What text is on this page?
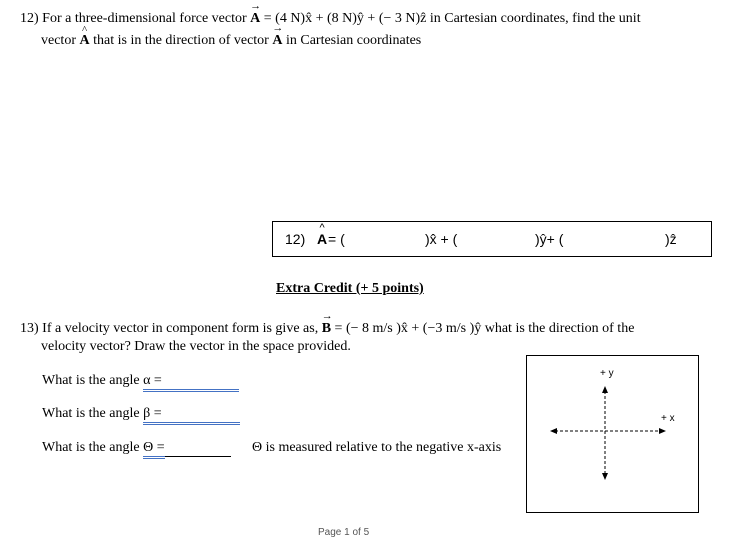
12) For a three-dimensional force vector → A = (4 N)x̂ + (8 N)ŷ + (− 3 N)ẑ in Cartesian coordinates, find the unit
vector ^ A that is in the direction of vector → A in Cartesian coordinates
12)
^ A = (	)x̂ + (	)ŷ+ (	)ẑ
Extra Credit (+ 5 points)
13) If a velocity vector in component form is give as, → B = (− 8 m/s )x̂ + (−3 m/s )ŷ what is the direction of the
velocity vector? Draw the vector in the space provided.
What is the angle α =
What is the angle β =
What is the angle Θ =	Θ is measured relative to the negative x-axis
+ y
+ x
Page 1 of 5
